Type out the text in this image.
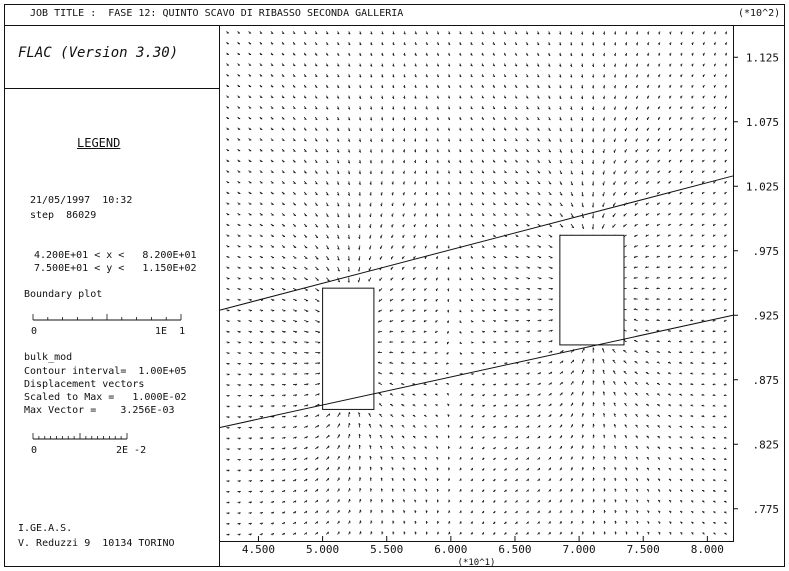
JOB TITLE :  FASE 12: QUINTO SCAVO DI RIBASSO SECONDA GALLERIA	(*10^2)
FLAC (Version 3.30)
LEGEND
21/05/1997  10:32
step  86029
4.200E+01 < x <   8.200E+01
7.500E+01 < y <   1.150E+02
Boundary plot
0	1E  1
bulk_mod
Contour interval=  1.00E+05
Displacement vectors
Scaled to Max =   1.000E-02
Max Vector =    3.256E-03
0	2E -2
I.GE.A.S.
V. Reduzzi 9  10134 TORINO	4.500	5.000	5.500	6.000	6.500	7.000	7.500	8.000
(*10^1)
1.125
1.075
1.025
.975
.925
.875
.825
.775
